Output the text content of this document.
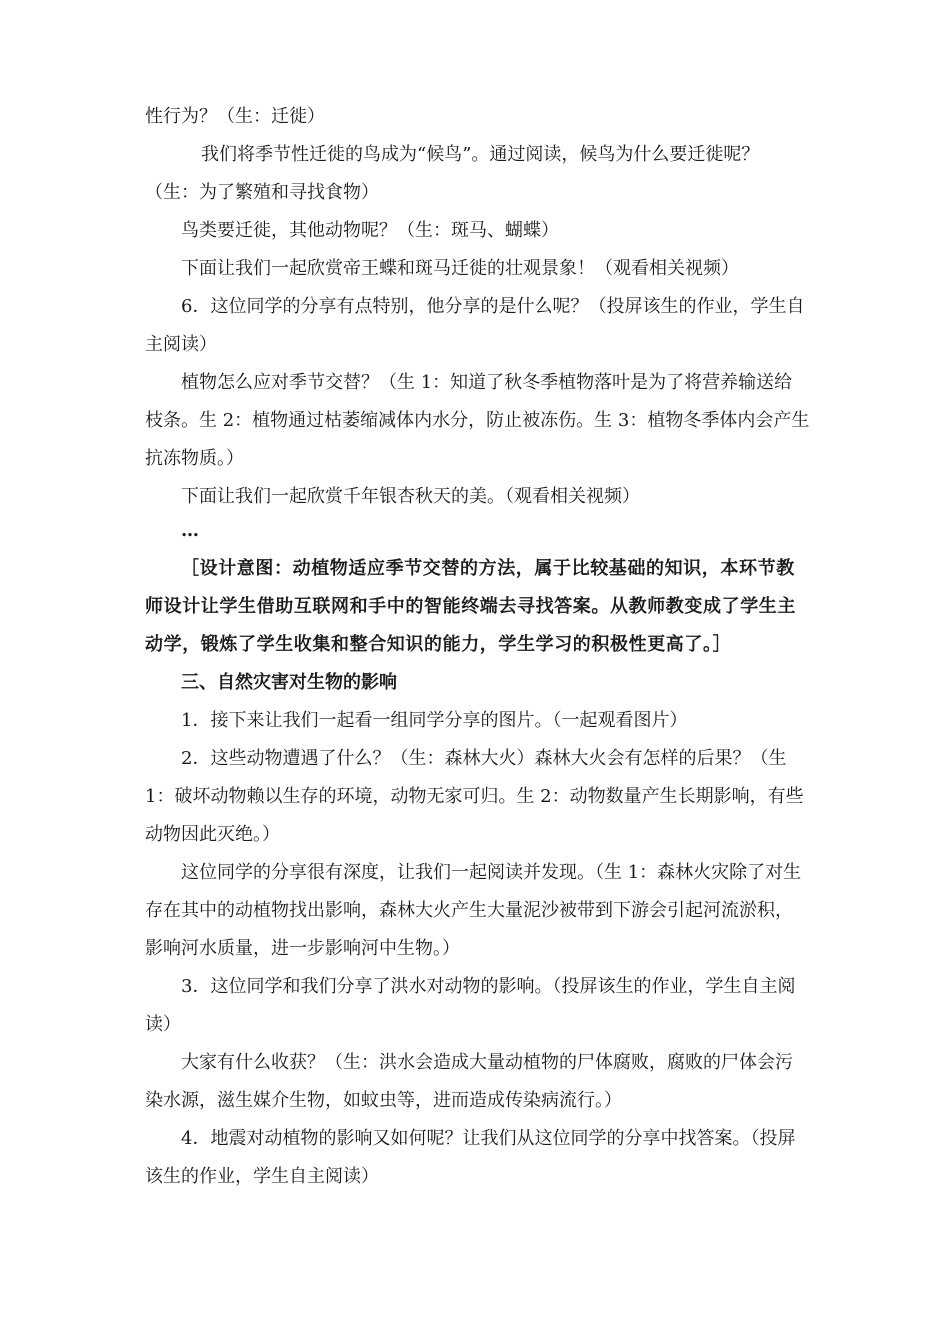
性行为？（生：迁徙）

我们将季节性迁徙的鸟成为“候鸟”。通过阅读，候鸟为什么要迁徙呢？（生：为了繁殖和寻找食物）

鸟类要迁徙，其他动物呢？（生：斑马、蝴蝶）

下面让我们一起欣赏帝王蝶和斑马迁徙的壮观景象！（观看相关视频）

6．这位同学的分享有点特别，他分享的是什么呢？（投屏该生的作业，学生自主阅读）

植物怎么应对季节交替？（生 1：知道了秋冬季植物落叶是为了将营养输送给枝条。生 2：植物通过枯萎缩减体内水分，防止被冻伤。生 3：植物冬季体内会产生抗冻物质。）

下面让我们一起欣赏千年银杏秋天的美。（观看相关视频）

…

［设计意图：动植物适应季节交替的方法，属于比较基础的知识，本环节教师设计让学生借助互联网和手中的智能终端去寻找答案。从教师教变成了学生主动学，锻炼了学生收集和整合知识的能力，学生学习的积极性更高了。］

三、自然灾害对生物的影响

1．接下来让我们一起看一组同学分享的图片。（一起观看图片）

2．这些动物遭遇了什么？（生：森林大火）森林大火会有怎样的后果？（生 1：破坏动物赖以生存的环境，动物无家可归。生 2：动物数量产生长期影响，有些动物因此灭绝。）

这位同学的分享很有深度，让我们一起阅读并发现。（生 1：森林火灾除了对生存在其中的动植物找出影响，森林大火产生大量泥沙被带到下游会引起河流淤积，影响河水质量，进一步影响河中生物。）

3．这位同学和我们分享了洪水对动物的影响。（投屏该生的作业，学生自主阅读）

大家有什么收获？（生：洪水会造成大量动植物的尸体腐败，腐败的尸体会污染水源，滋生媒介生物，如蚊虫等，进而造成传染病流行。）

4．地震对动植物的影响又如何呢？让我们从这位同学的分享中找答案。（投屏该生的作业，学生自主阅读）
